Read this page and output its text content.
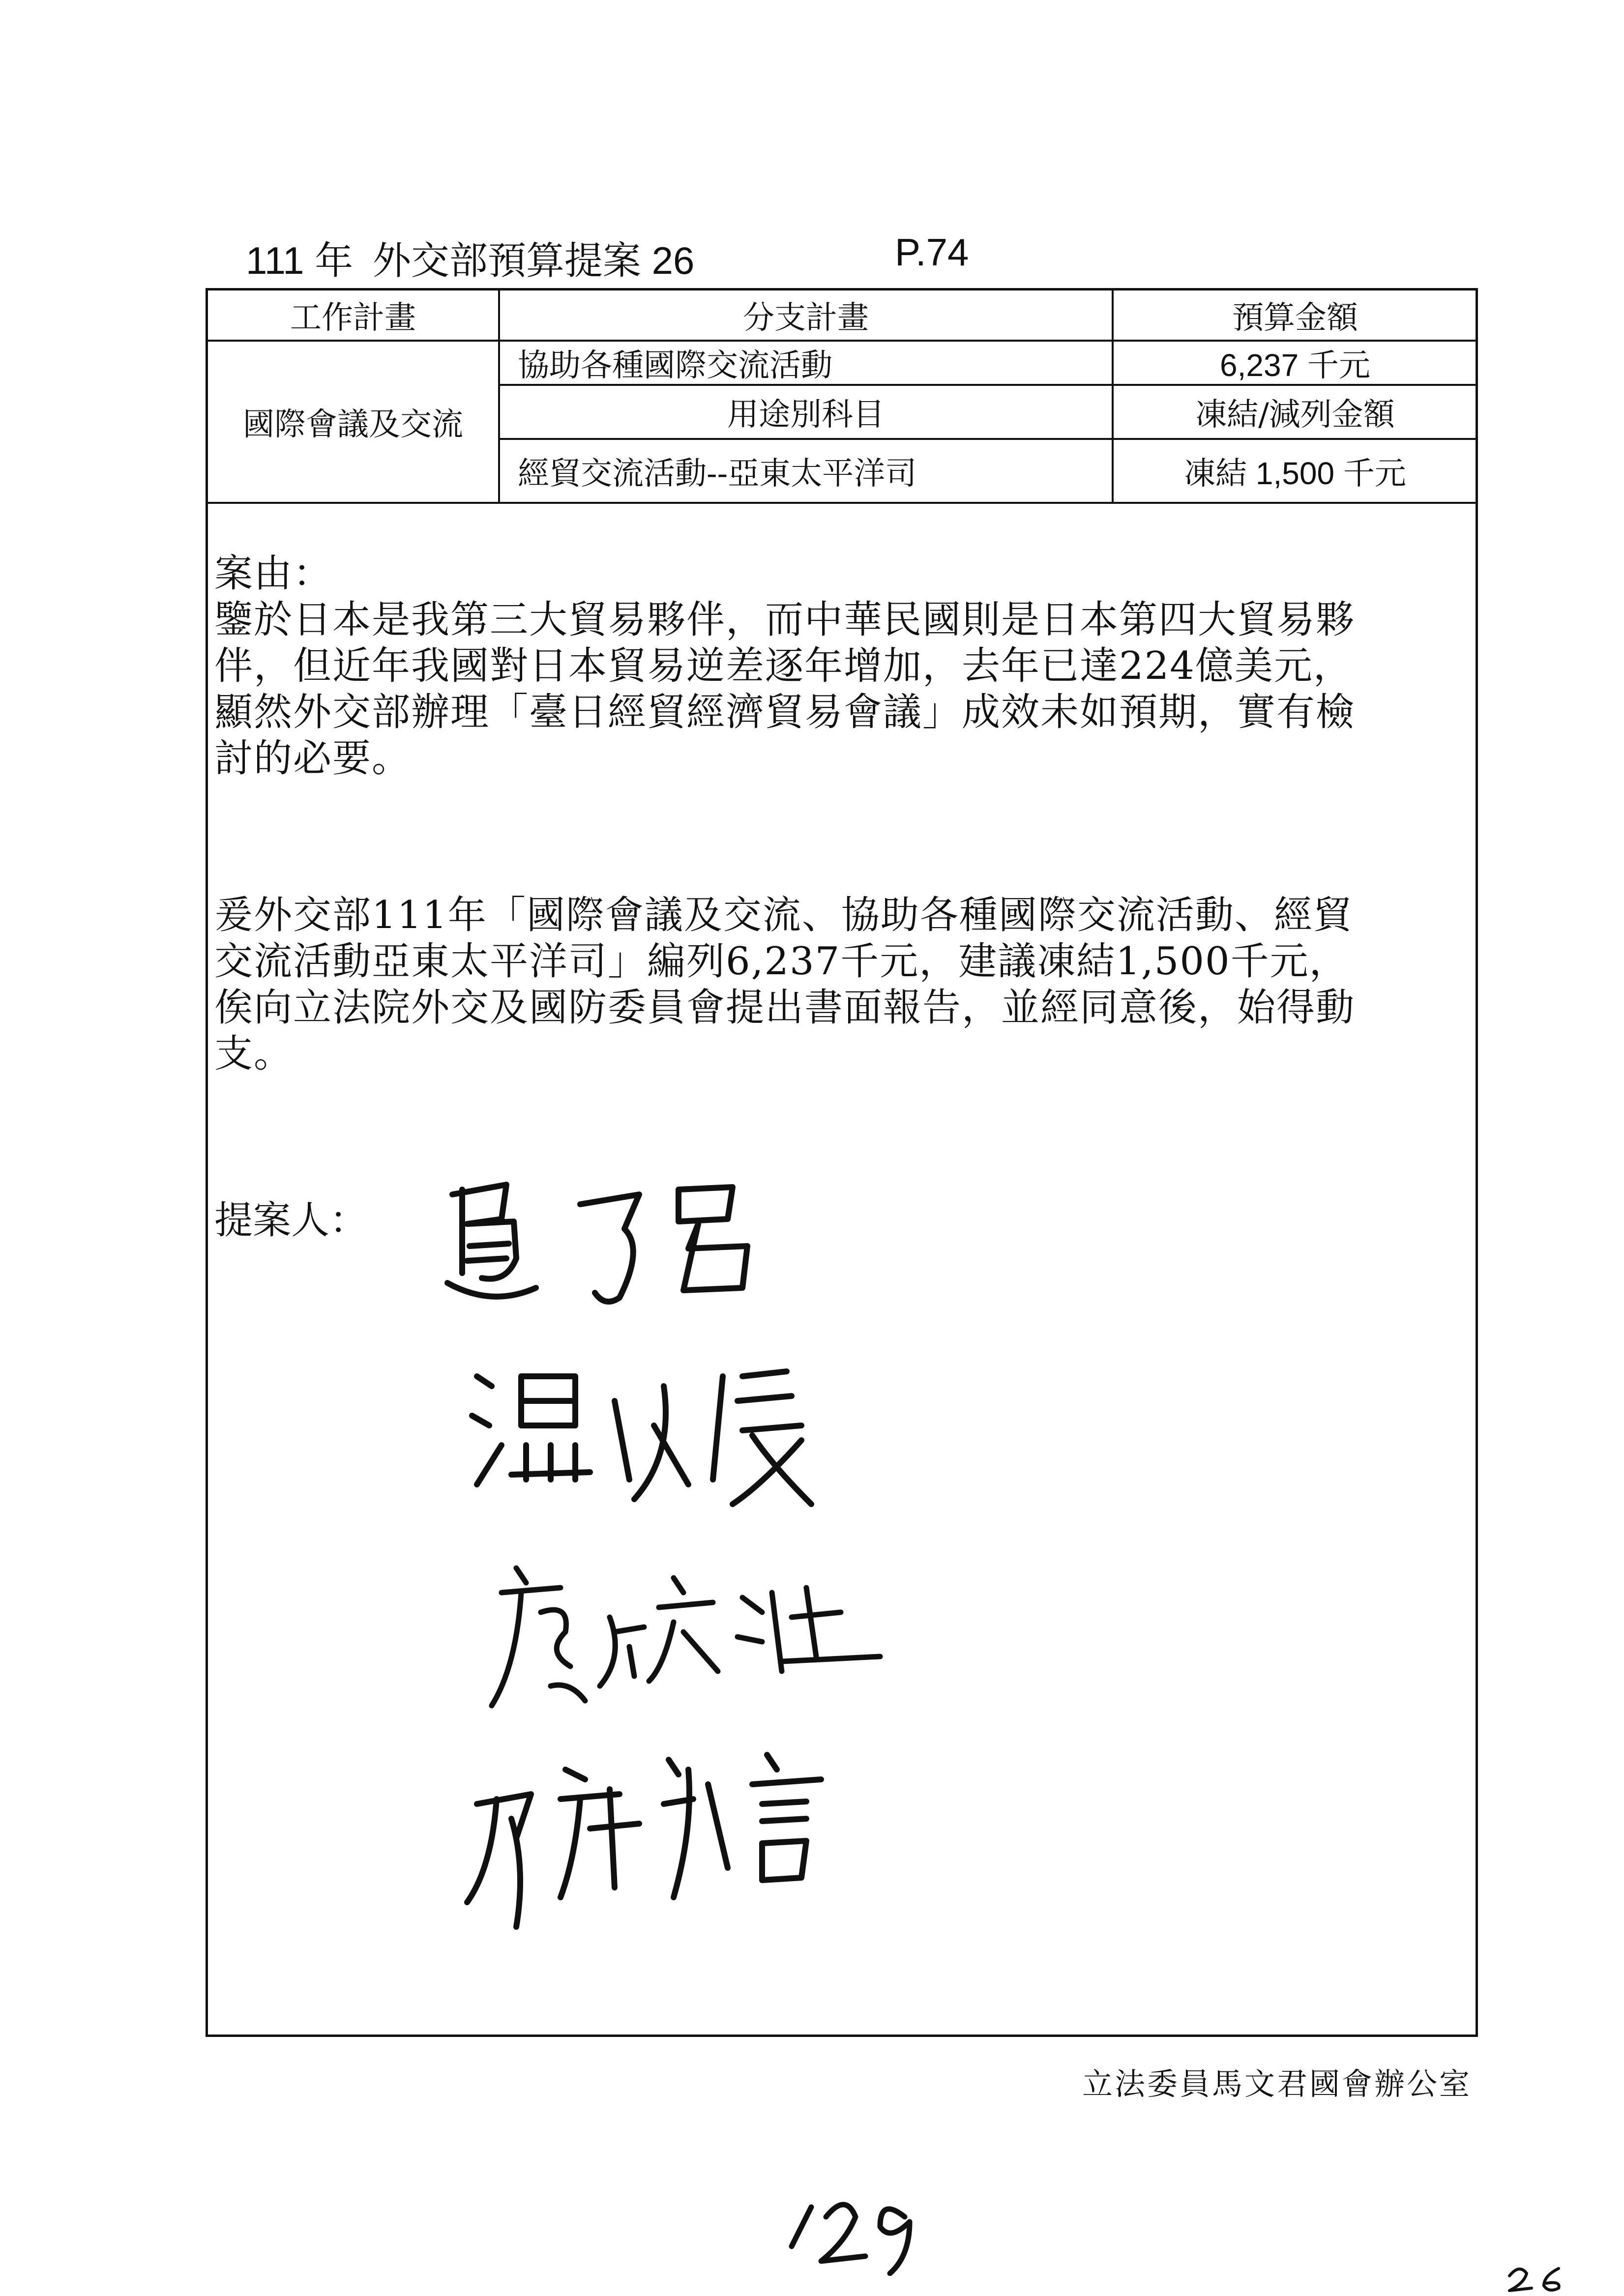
111 年 外交部預算提案 26	P.74
工作計畫	分支計畫	預算金額
國際會議及交流
協助各種國際交流活動	6,237 千元
用途別科目	凍結/減列金額
經貿交流活動--亞東太平洋司	凍結 1,500 千元

案由：

鑒於日本是我第三大貿易夥伴，而中華民國則是日本第四大貿易夥

伴，但近年我國對日本貿易逆差逐年增加，去年已達224億美元，

顯然外交部辦理「臺日經貿經濟貿易會議」成效未如預期，實有檢

討的必要。

爰外交部111年「國際會議及交流、協助各種國際交流活動、經貿

交流活動亞東太平洋司」編列6,237千元，建議凍結1,500千元，

俟向立法院外交及國防委員會提出書面報告，並經同意後，始得動

支。

提案人：
立法委員馬文君國會辦公室
